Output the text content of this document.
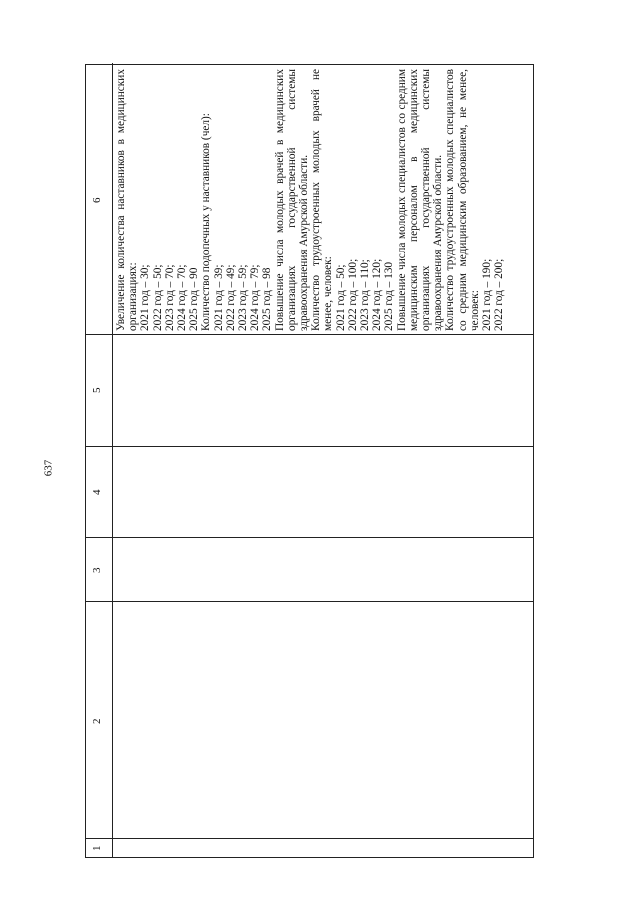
637
1
2
3
4
5
6 Увеличение количества наставников в медицинских организациях: 2021 год – 30; 2022 год – 50; 2023 год – 70; 2024 год – 70; 2025 год – 90 Количество подопечных у наставников (чел): 2021 год – 39; 2022 год – 49; 2023 год – 59; 2024 год – 79; 2025 год – 98 Повышение числа молодых врачей в медицинских организациях государственной системы здравоохранения Амурской области. Количество трудоустроенных молодых врачей не менее, человек: 2021 год – 50; 2022 год – 100; 2023 год – 110; 2024 год – 120; 2025 год – 130 Повышение числа молодых специалистов со средним медицинским персоналом в медицинских организациях государственной системы здравоохранения Амурской области. Количество трудоустроенных молодых специалистов со средним медицинским образованием, не менее, человек: 2021 год – 190; 2022 год – 200;
